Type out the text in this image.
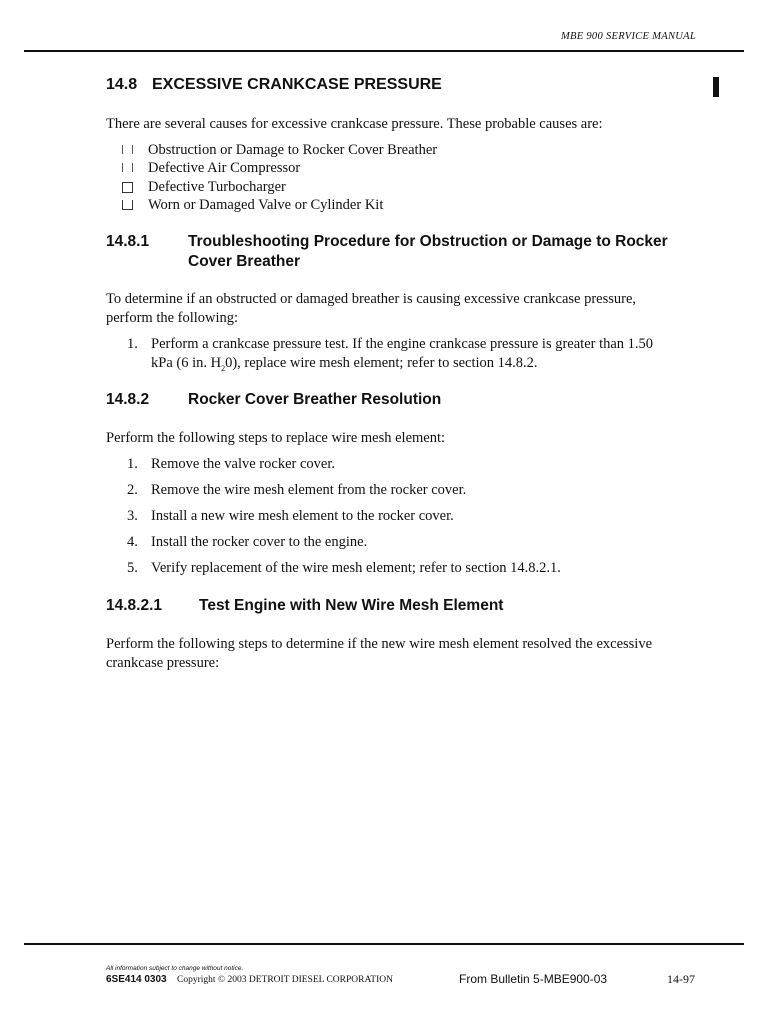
MBE 900 SERVICE MANUAL
14.8 EXCESSIVE CRANKCASE PRESSURE
There are several causes for excessive crankcase pressure. These probable causes are:
Obstruction or Damage to Rocker Cover Breather
Defective Air Compressor
Defective Turbocharger
Worn or Damaged Valve or Cylinder Kit
14.8.1	Troubleshooting Procedure for Obstruction or Damage to Rocker
Cover Breather
To determine if an obstructed or damaged breather is causing excessive crankcase pressure,
perform the following:
1. Perform a crankcase pressure test. If the engine crankcase pressure is greater than 1.50
kPa (6 in. $H_20$), replace wire mesh element; refer to section 14.8.2.
14.8.2	Rocker Cover Breather Resolution
Perform the following steps to replace wire mesh element:
1. Remove the valve rocker cover.
2. Remove the wire mesh element from the rocker cover.
3. Install a new wire mesh element to the rocker cover.
4. Install the rocker cover to the engine.
5. Verify replacement of the wire mesh element; refer to section 14.8.2.1.
14.8.2.1 Test Engine with New Wire Mesh Element
Perform the following steps to determine if the new wire mesh element resolved the excessive
crankcase pressure:
All information subject to change without notice.
6SE414 0303 Copyright © 2003 DETROIT DIESEL CORPORATION	From Bulletin 5-MBE900-03	14-97
